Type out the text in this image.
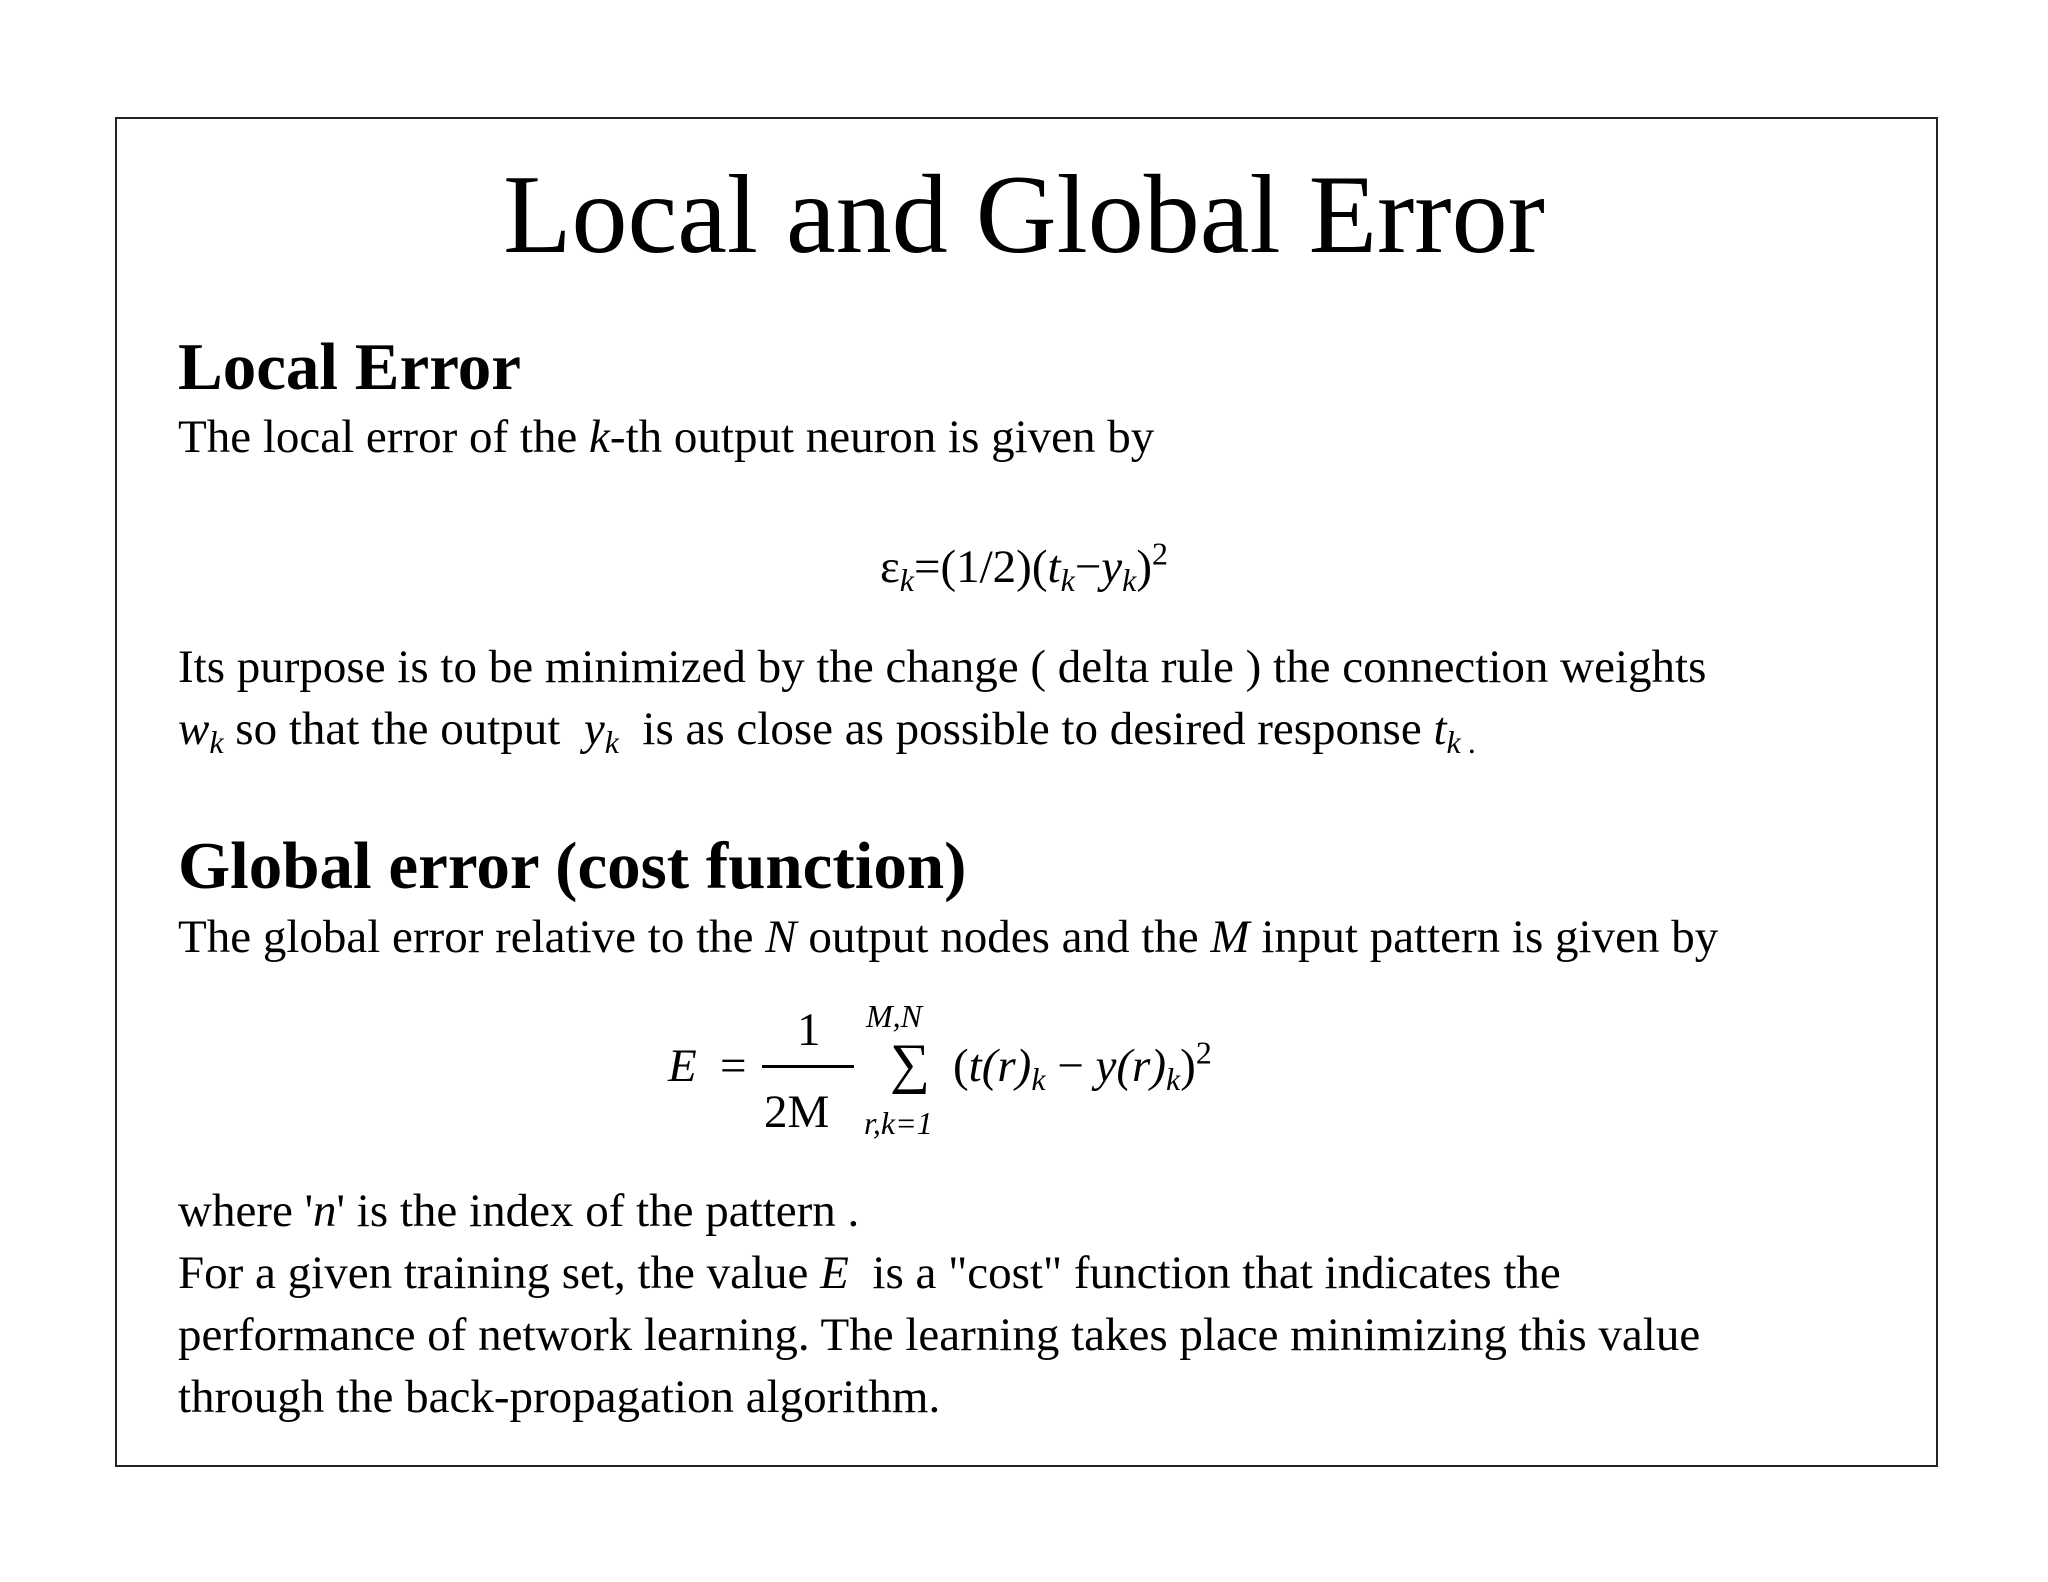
Local and Global Error
Local Error
The local error of the k-th output neuron is given by
$\varepsilon_k=(1/2)(t_k-y_k)^2$
Its purpose is to be minimized by the change ( delta rule ) the connection weights
$w_k$ so that the output  $y_k$  is as close as possible to desired response $t_{k .}$
Global error (cost function)
The global error relative to the N output nodes and the M input pattern is given by
E =
1
2M
M,N
∑
r,k=1
$(t(r)_k - y(r)_k)^2$
where 'n' is the index of the pattern .
For a given training set, the value E  is a "cost" function that indicates the
performance of network learning. The learning takes place minimizing this value
through the back-propagation algorithm.
